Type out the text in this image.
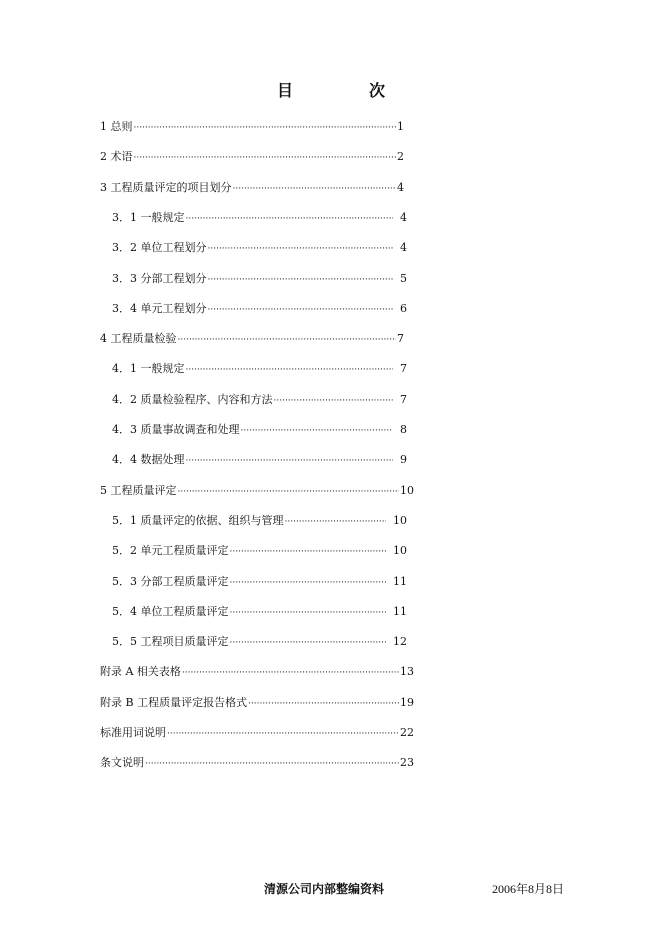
目　次
1 总则 ·····	1
2 术语 ·····	2
3 工程质量评定的项目划分 ·····	4
3．1 一般规定 ·····	4
3．2 单位工程划分 ·····	4
3．3 分部工程划分 ·····	5
3．4 单元工程划分 ·····	6
4 工程质量检验 ·····	7
4．1 一般规定 ·····	7
4．2 质量检验程序、内容和方法 ·····	7
4．3 质量事故调查和处理 ·····	8
4．4 数据处理 ·····	9
5 工程质量评定 ·····	10
5．1 质量评定的依据、组织与管理 ·····	10
5．2 单元工程质量评定 ·····	10
5．3 分部工程质量评定 ·····	11
5．4 单位工程质量评定 ·····	11
5．5 工程项目质量评定 ·····	12
附录 A 相关表格 ·····	13
附录 B 工程质量评定报告格式 ·····	19
标准用词说明 ·····	22
条文说明 ·····	23
清源公司内部整编资料	2006年8月8日
